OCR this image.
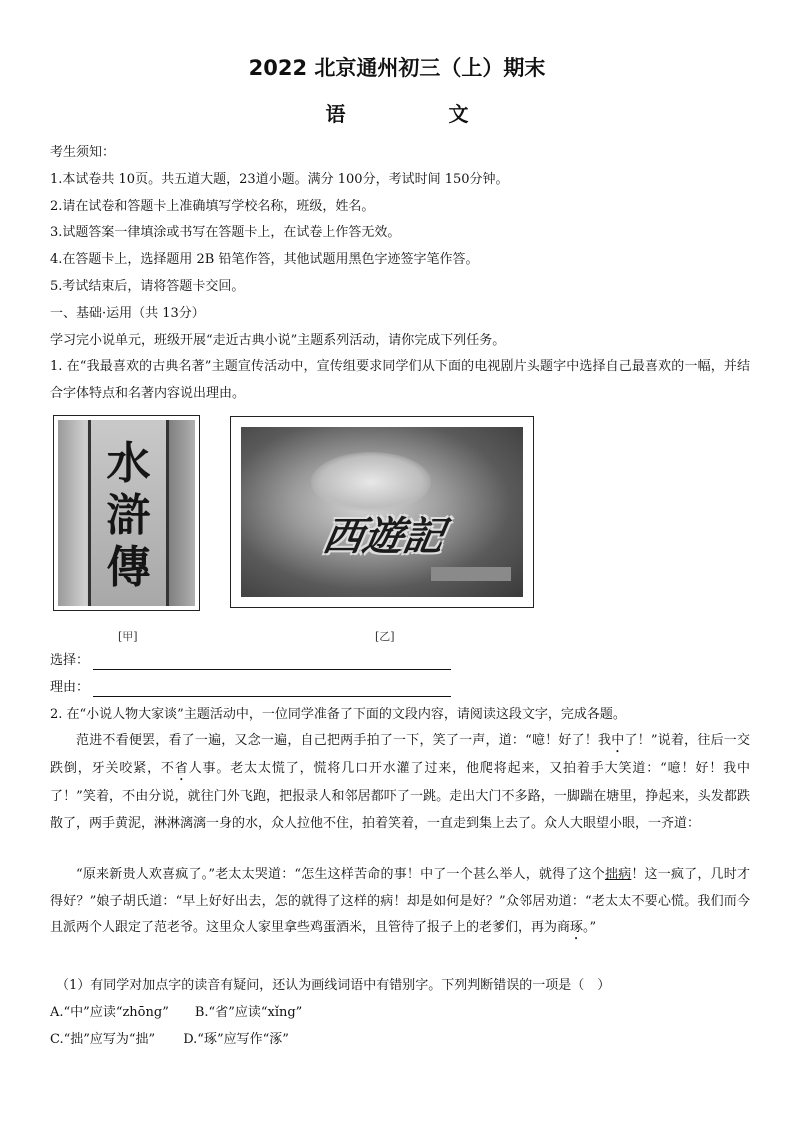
2022 北京通州初三（上）期末
语 文
考生须知：
1.本试卷共 10页。共五道大题，23道小题。满分 100分，考试时间 150分钟。
2.请在试卷和答题卡上准确填写学校名称，班级，姓名。
3.试题答案一律填涂或书写在答题卡上，在试卷上作答无效。
4.在答题卡上，选择题用 2B 铅笔作答，其他试题用黑色字迹签字笔作答。
5.考试结束后，请将答题卡交回。
一、基础·运用（共 13分）
学习完小说单元，班级开展“走近古典小说”主题系列活动，请你完成下列任务。
1. 在“我最喜欢的古典名著”主题宣传活动中，宣传组要求同学们从下面的电视剧片头题字中选择自己最喜欢的一幅，并结合字体特点和名著内容说出理由。
水
滸
傳
西遊記
[甲]	[乙]
选择：
理由：
2. 在“小说人物大家谈”主题活动中，一位同学准备了下面的文段内容，请阅读这段文字，完成各题。
范进不看便罢，看了一遍，又念一遍，自己把两手拍了一下，笑了一声，道：“噫！好了！我中了！”说着，往后一交跌倒，牙关咬紧，不省人事。老太太慌了，慌将几口开水灌了过来，他爬将起来，又拍着手大笑道：“噫！好！我中了！”笑着，不由分说，就往门外飞跑，把报录人和邻居都吓了一跳。走出大门不多路，一脚踹在塘里，挣起来，头发都跌散了，两手黄泥，淋淋漓漓一身的水，众人拉他不住，拍着笑着，一直走到集上去了。众人大眼望小眼，一齐道：
“原来新贵人欢喜疯了。”老太太哭道：“怎生这样苦命的事！中了一个甚么举人，就得了这个拙病！这一疯了，几时才得好？”娘子胡氏道：“早上好好出去，怎的就得了这样的病！却是如何是好？”众邻居劝道：“老太太不要心慌。我们而今且派两个人跟定了范老爷。这里众人家里拿些鸡蛋酒米，且管待了报子上的老爹们，再为商琢。”
（1）有同学对加点字的读音有疑问，还认为画线词语中有错别字。下列判断错误的一项是（　）
A.“中”应读“zhōng” B.“省”应读“xǐng”
C.“拙”应写为“拙” D.“琢”应写作“涿”
